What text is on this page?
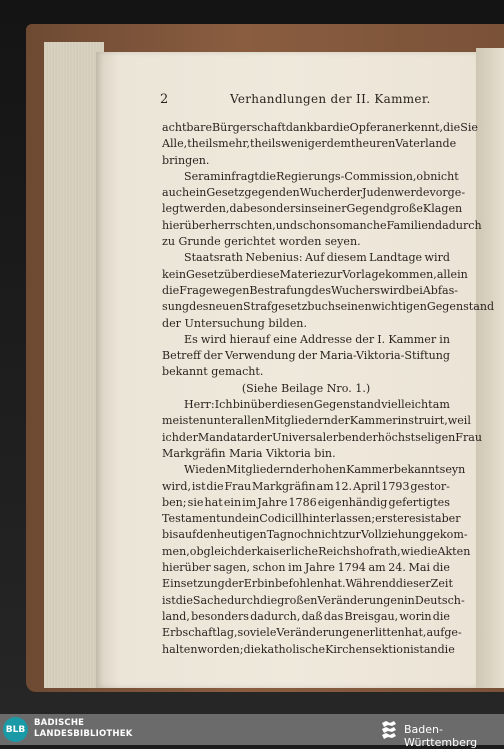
2	Verhandlungen der II. Kammer.
achtbare Bürgerschaft dankbar die Opfer anerkennt, die Sie
Alle, theils mehr, theils weniger dem theuren Vaterlande
bringen.
Seramin fragt die Regierungs-Commission, ob nicht
auch ein Gesetz gegen den Wucher der Juden werde vorge-
legt werden, da besonders in seiner Gegend große Klagen
hierüber herrschten, und schon so manche Familien dadurch
zu Grunde gerichtet worden seyen.
Staatsrath Nebenius: Auf diesem Landtage wird
kein Gesetz über diese Materie zur Vorlage kommen, allein
die Frage wegen Bestrafung des Wuchers wird bei Abfas-
sung des neuen Strafgesetzbuchs einen wichtigen Gegenstand
der Untersuchung bilden.
Es wird hierauf eine Addresse der I. Kammer in
Betreff der Verwendung der Maria-Viktoria-Stiftung
bekannt gemacht.
(Siehe Beilage Nro. 1.)
Herr: Ich bin über diesen Gegenstand vielleicht am
meisten unter allen Mitgliedern der Kammer instruirt, weil
ich der Mandatar der Universalerben der höchstseligen Frau
Markgräfin Maria Viktoria bin.
Wie den Mitgliedern der hohen Kammer bekannt seyn
wird, ist die Frau Markgräfin am 12. April 1793 gestor-
ben; sie hat ein im Jahre 1786 eigenhändig gefertigtes
Testament und ein Codicill hinterlassen; ersteres ist aber
bis auf den heutigen Tag noch nicht zur Vollziehung gekom-
men, obgleich der kaiserliche Reichshofrath, wie die Akten
hierüber sagen, schon im Jahre 1794 am 24. Mai die
Einsetzung der Erbin befohlen hat. Während dieser Zeit
ist die Sache durch die großen Veränderungen in Deutsch-
land, besonders dadurch, daß das Breisgau, worin die
Erbschaft lag, so viele Veränderungen erlitten hat, aufge-
halten worden; die katholische Kirchensektion ist an die
BLB
BADISCHE
LANDESBIBLIOTHEK	Baden-Württemberg
